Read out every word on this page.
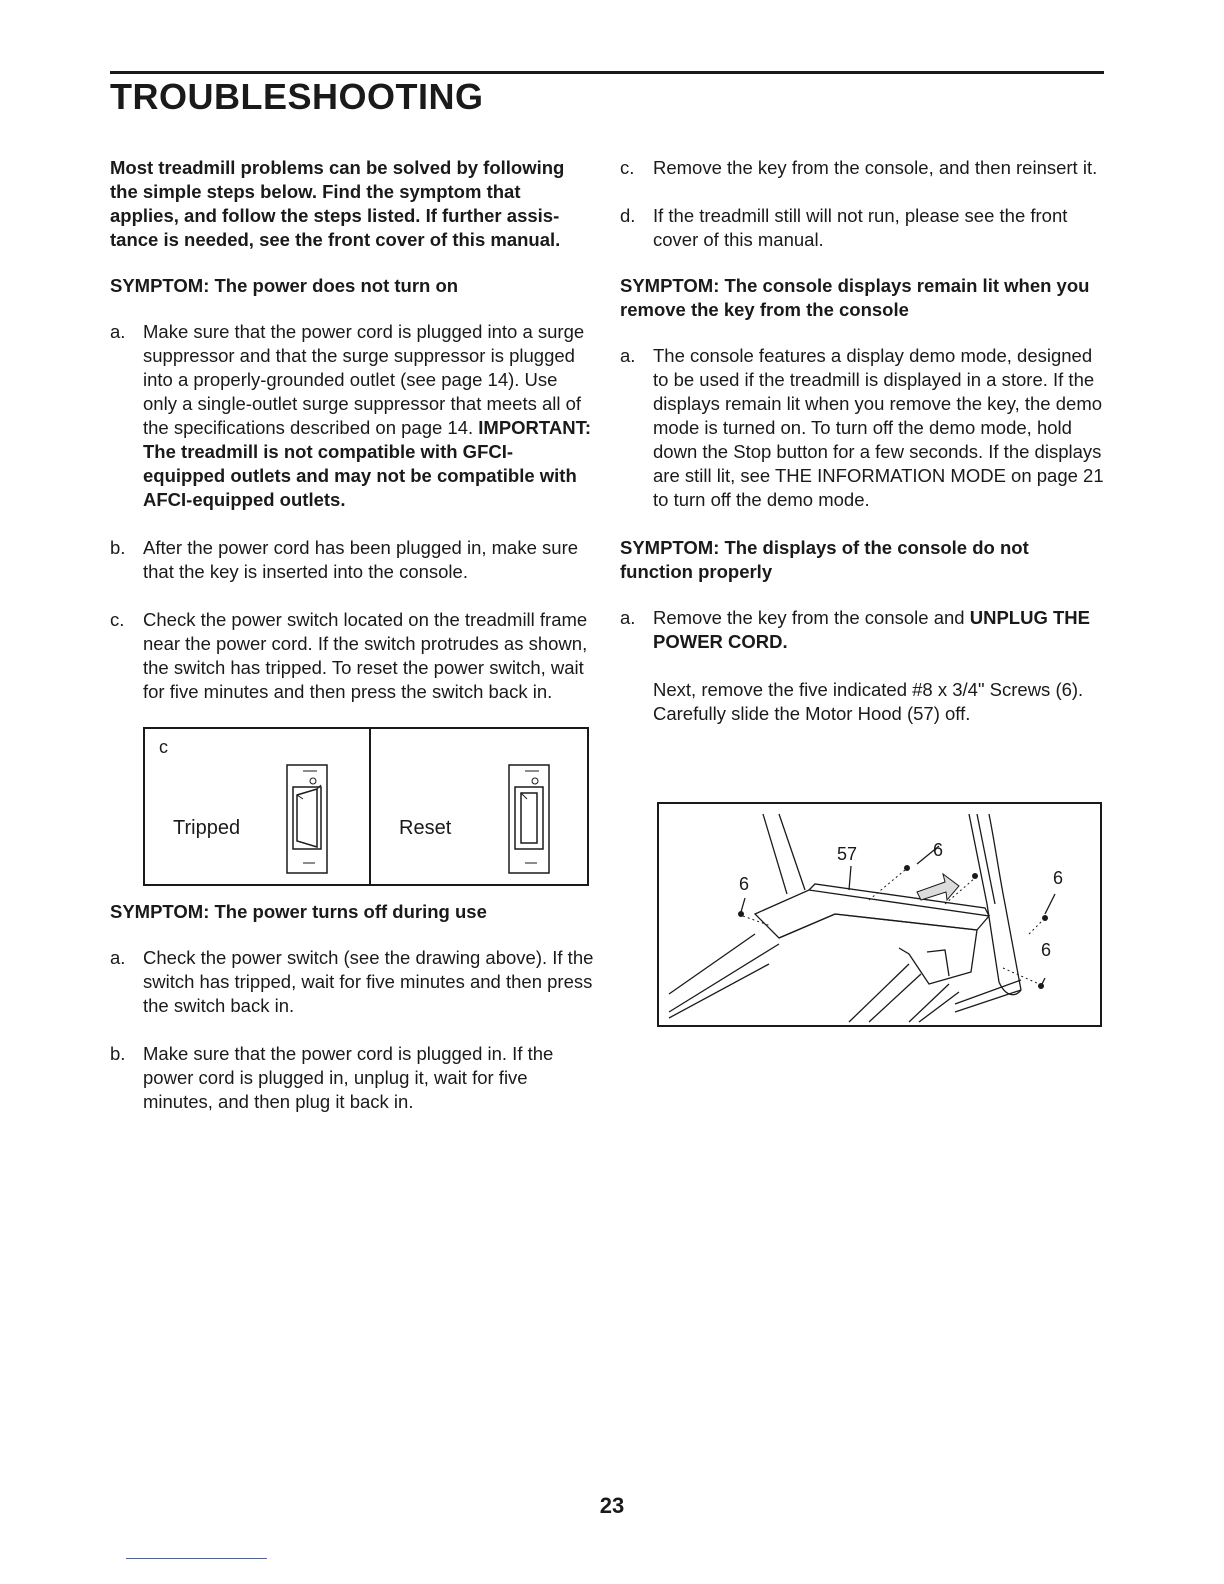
TROUBLESHOOTING

Most treadmill problems can be solved by following the simple steps below. Find the symptom that applies, and follow the steps listed. If further assistance is needed, see the front cover of this manual.

SYMPTOM: The power does not turn on

a. Make sure that the power cord is plugged into a surge suppressor and that the surge suppressor is plugged into a properly-grounded outlet (see page 14). Use only a single-outlet surge suppressor that meets all of the specifications described on page 14. IMPORTANT: The treadmill is not compatible with GFCI-equipped outlets and may not be compatible with AFCI-equipped outlets.
b. After the power cord has been plugged in, make sure that the key is inserted into the console.
c. Check the power switch located on the treadmill frame near the power cord. If the switch protrudes as shown, the switch has tripped. To reset the power switch, wait for five minutes and then press the switch back in.

SYMPTOM: The power turns off during use

a. Check the power switch (see the drawing above). If the switch has tripped, wait for five minutes and then press the switch back in.
b. Make sure that the power cord is plugged in. If the power cord is plugged in, unplug it, wait for five minutes, and then plug it back in.
c. Remove the key from the console, and then reinsert it.
d. If the treadmill still will not run, please see the front cover of this manual.

SYMPTOM: The console displays remain lit when you remove the key from the console

a. The console features a display demo mode, designed to be used if the treadmill is displayed in a store. If the displays remain lit when you remove the key, the demo mode is turned on. To turn off the demo mode, hold down the Stop button for a few seconds. If the displays are still lit, see THE INFORMATION MODE on page 21 to turn off the demo mode.

SYMPTOM: The displays of the console do not function properly

a. Remove the key from the console and UNPLUG THE POWER CORD.

Next, remove the five indicated #8 x 3/4" Screws (6). Carefully slide the Motor Hood (57) off.

c
Tripped	Reset
57	6
6	6
6
23
